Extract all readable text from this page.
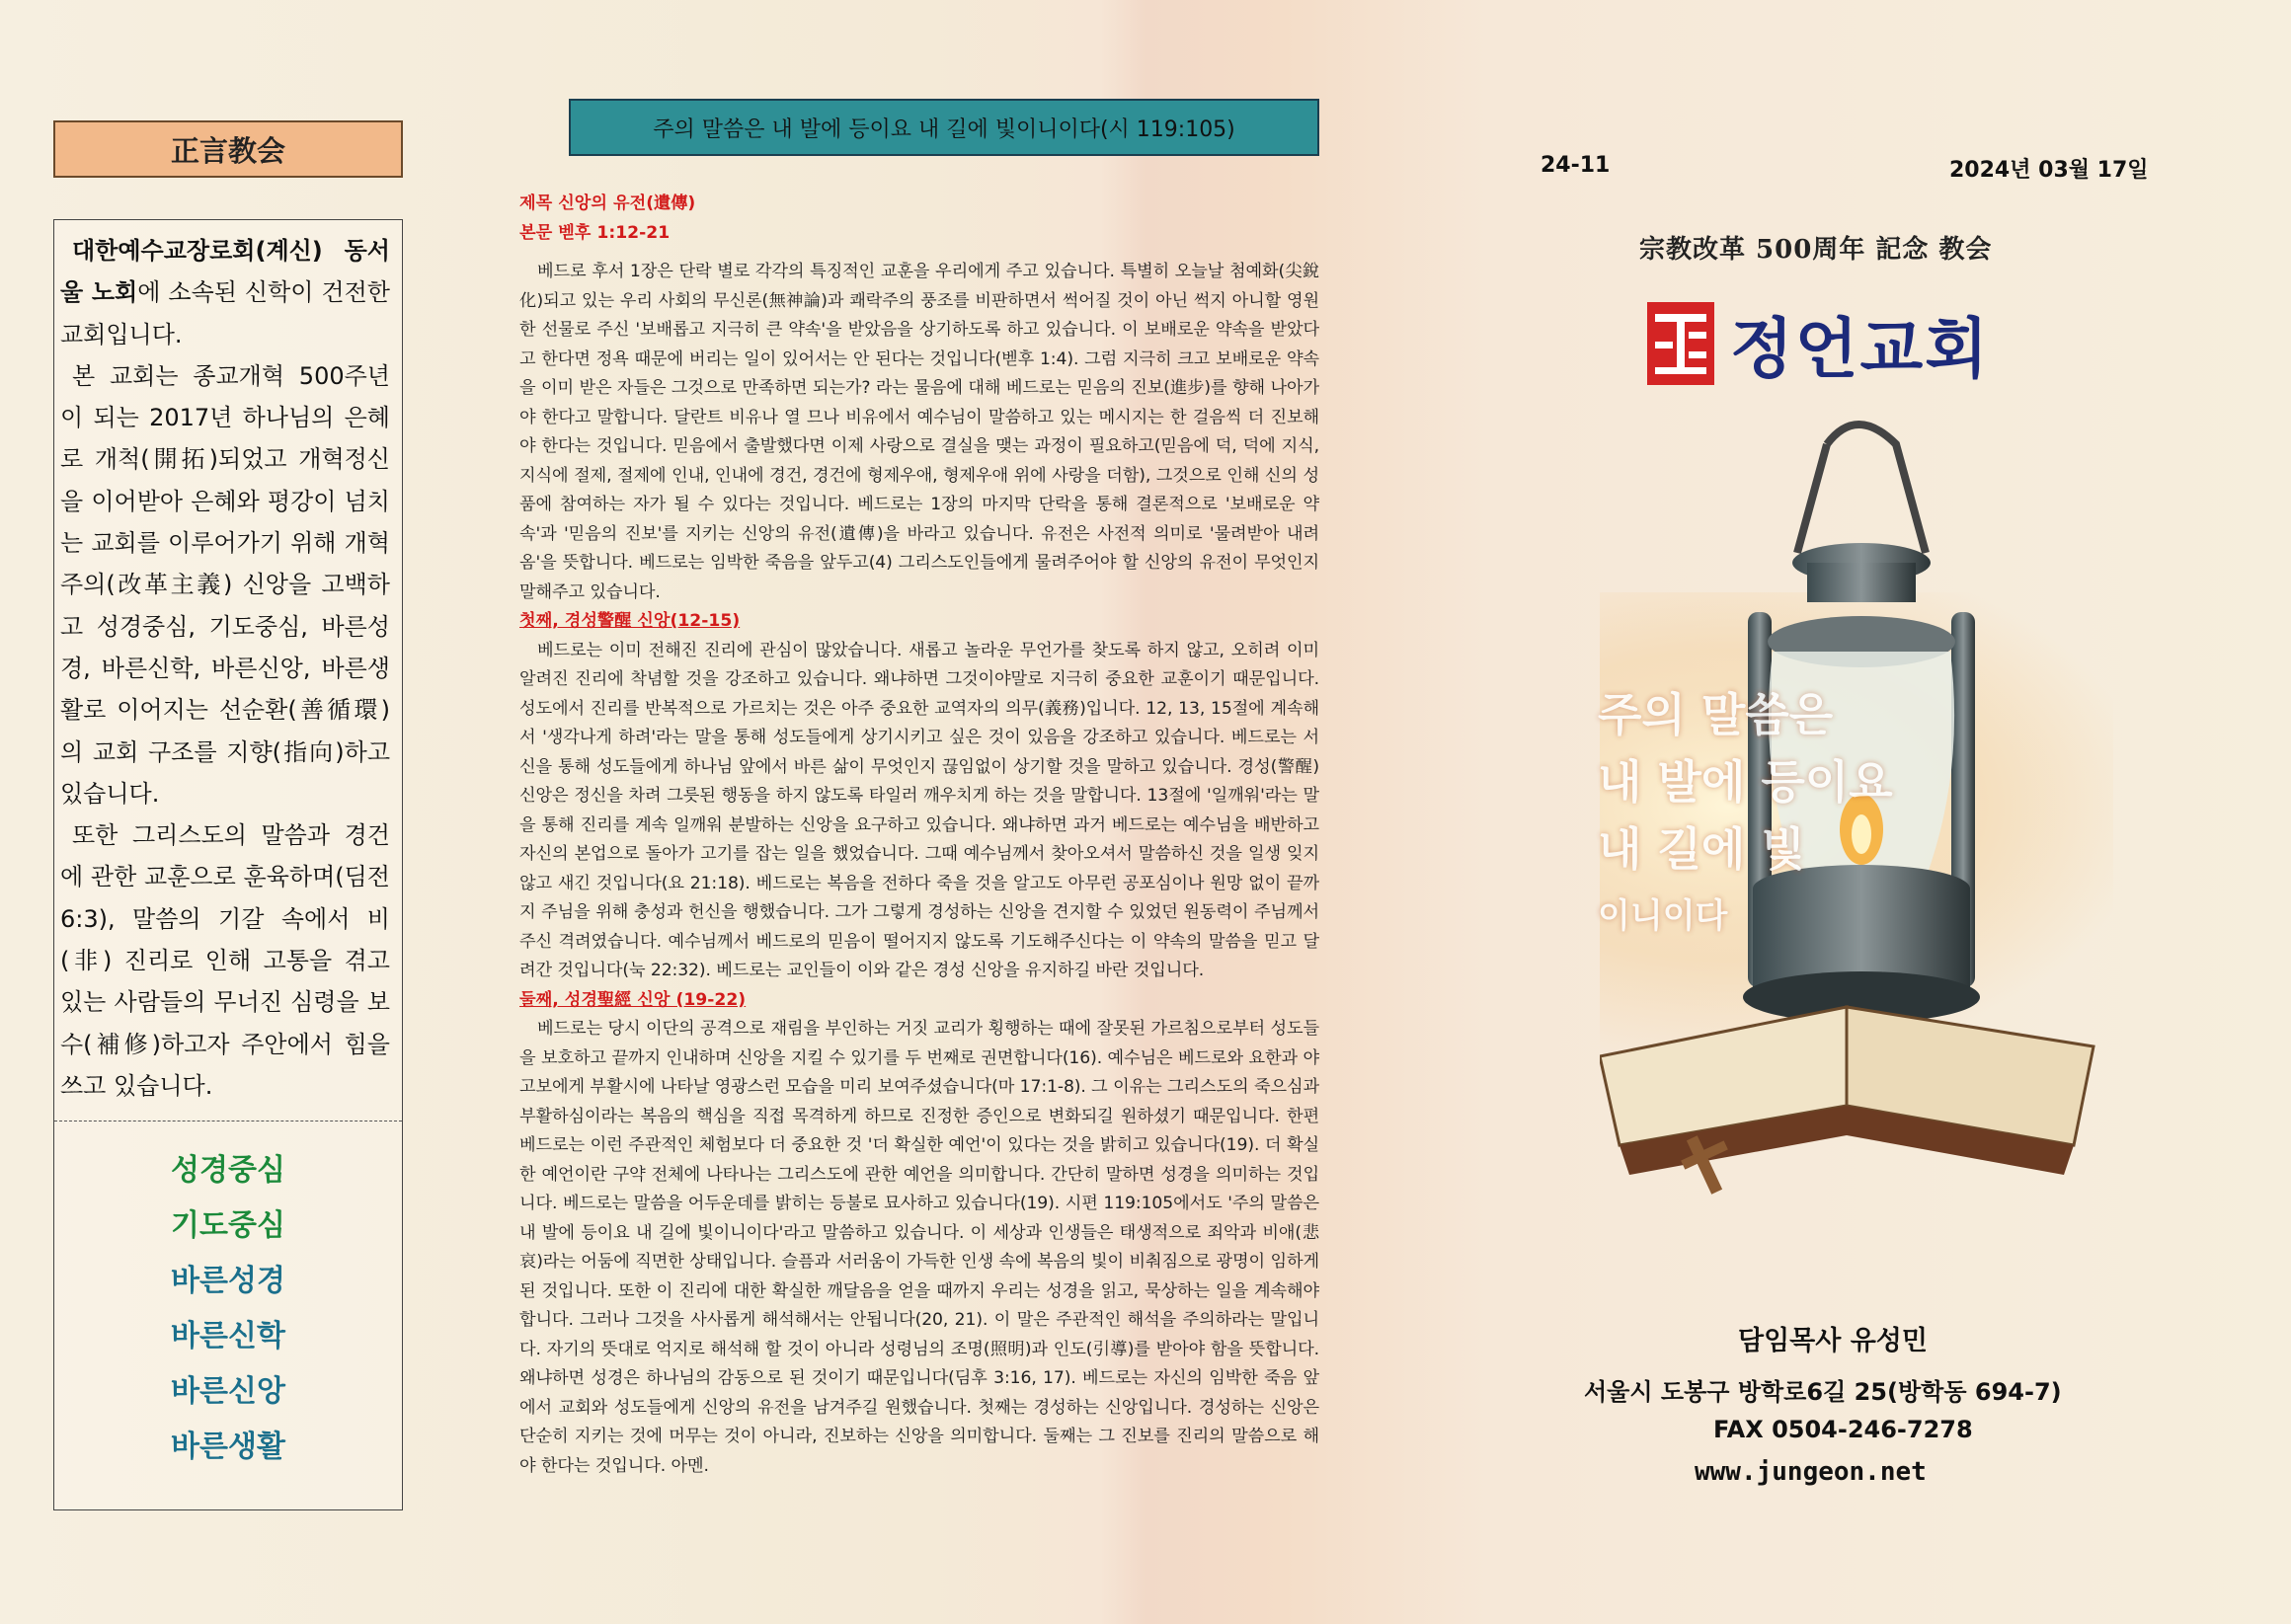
正言教会

대한예수교장로회(계신) 동서울 노회에 소속된 신학이 건전한 교회입니다.

본 교회는 종교개혁 500주년이 되는 2017년 하나님의 은혜로 개척(開拓)되었고 개혁정신을 이어받아 은혜와 평강이 넘치는 교회를 이루어가기 위해 개혁주의(改革主義) 신앙을 고백하고 성경중심, 기도중심, 바른성경, 바른신학, 바른신앙, 바른생활로 이어지는 선순환(善循環)의 교회 구조를 지향(指向)하고 있습니다.

또한 그리스도의 말씀과 경건에 관한 교훈으로 훈육하며(딤전 6:3), 말씀의 기갈 속에서 비(非) 진리로 인해 고통을 겪고 있는 사람들의 무너진 심령을 보수(補修)하고자 주안에서 힘을 쓰고 있습니다.

성경중심
기도중심
바른성경
바른신학
바른신앙
바른생활
주의 말씀은 내 발에 등이요 내 길에 빛이니이다(시 119:105)
제목 신앙의 유전(遺傳)
본문 벧후 1:12-21
베드로 후서 1장은 단락 별로 각각의 특징적인 교훈을 우리에게 주고 있습니다. 특별히 오늘날 첨예화(尖銳化)되고 있는 우리 사회의 무신론(無神論)과 쾌락주의 풍조를 비판하면서 썩어질 것이 아닌 썩지 아니할 영원한 선물로 주신 '보배롭고 지극히 큰 약속'을 받았음을 상기하도록 하고 있습니다. 이 보배로운 약속을 받았다고 한다면 정욕 때문에 버리는 일이 있어서는 안 된다는 것입니다(벧후 1:4). 그럼 지극히 크고 보배로운 약속을 이미 받은 자들은 그것으로 만족하면 되는가? 라는 물음에 대해 베드로는 믿음의 진보(進步)를 향해 나아가야 한다고 말합니다. 달란트 비유나 열 므나 비유에서 예수님이 말씀하고 있는 메시지는 한 걸음씩 더 진보해야 한다는 것입니다. 믿음에서 출발했다면 이제 사랑으로 결실을 맺는 과정이 필요하고(믿음에 덕, 덕에 지식, 지식에 절제, 절제에 인내, 인내에 경건, 경건에 형제우애, 형제우애 위에 사랑을 더함), 그것으로 인해 신의 성품에 참여하는 자가 될 수 있다는 것입니다. 베드로는 1장의 마지막 단락을 통해 결론적으로 '보배로운 약속'과 '믿음의 진보'를 지키는 신앙의 유전(遺傳)을 바라고 있습니다. 유전은 사전적 의미로 '물려받아 내려옴'을 뜻합니다. 베드로는 임박한 죽음을 앞두고(4) 그리스도인들에게 물려주어야 할 신앙의 유전이 무엇인지 말해주고 있습니다.
첫째, 경성警醒 신앙(12-15)
베드로는 이미 전해진 진리에 관심이 많았습니다. 새롭고 놀라운 무언가를 찾도록 하지 않고, 오히려 이미 알려진 진리에 착념할 것을 강조하고 있습니다. 왜냐하면 그것이야말로 지극히 중요한 교훈이기 때문입니다. 성도에서 진리를 반복적으로 가르치는 것은 아주 중요한 교역자의 의무(義務)입니다. 12, 13, 15절에 계속해서 '생각나게 하려'라는 말을 통해 성도들에게 상기시키고 싶은 것이 있음을 강조하고 있습니다. 베드로는 서신을 통해 성도들에게 하나님 앞에서 바른 삶이 무엇인지 끊임없이 상기할 것을 말하고 있습니다. 경성(警醒) 신앙은 정신을 차려 그릇된 행동을 하지 않도록 타일러 깨우치게 하는 것을 말합니다. 13절에 '일깨워'라는 말을 통해 진리를 계속 일깨워 분발하는 신앙을 요구하고 있습니다. 왜냐하면 과거 베드로는 예수님을 배반하고 자신의 본업으로 돌아가 고기를 잡는 일을 했었습니다. 그때 예수님께서 찾아오셔서 말씀하신 것을 일생 잊지 않고 새긴 것입니다(요 21:18). 베드로는 복음을 전하다 죽을 것을 알고도 아무런 공포심이나 원망 없이 끝까지 주님을 위해 충성과 헌신을 행했습니다. 그가 그렇게 경성하는 신앙을 견지할 수 있었던 원동력이 주님께서 주신 격려였습니다. 예수님께서 베드로의 믿음이 떨어지지 않도록 기도해주신다는 이 약속의 말씀을 믿고 달려간 것입니다(눅 22:32). 베드로는 교인들이 이와 같은 경성 신앙을 유지하길 바란 것입니다.
둘째, 성경聖經 신앙 (19-22)
베드로는 당시 이단의 공격으로 재림을 부인하는 거짓 교리가 횡행하는 때에 잘못된 가르침으로부터 성도들을 보호하고 끝까지 인내하며 신앙을 지킬 수 있기를 두 번째로 권면합니다(16). 예수님은 베드로와 요한과 야고보에게 부활시에 나타날 영광스런 모습을 미리 보여주셨습니다(마 17:1-8). 그 이유는 그리스도의 죽으심과 부활하심이라는 복음의 핵심을 직접 목격하게 하므로 진정한 증인으로 변화되길 원하셨기 때문입니다. 한편 베드로는 이런 주관적인 체험보다 더 중요한 것 '더 확실한 예언'이 있다는 것을 밝히고 있습니다(19). 더 확실한 예언이란 구약 전체에 나타나는 그리스도에 관한 예언을 의미합니다. 간단히 말하면 성경을 의미하는 것입니다. 베드로는 말씀을 어두운데를 밝히는 등불로 묘사하고 있습니다(19). 시편 119:105에서도 '주의 말씀은 내 발에 등이요 내 길에 빛이니이다'라고 말씀하고 있습니다. 이 세상과 인생들은 태생적으로 죄악과 비애(悲哀)라는 어둠에 직면한 상태입니다. 슬픔과 서러움이 가득한 인생 속에 복음의 빛이 비춰짐으로 광명이 임하게 된 것입니다. 또한 이 진리에 대한 확실한 깨달음을 얻을 때까지 우리는 성경을 읽고, 묵상하는 일을 계속해야 합니다. 그러나 그것을 사사롭게 해석해서는 안됩니다(20, 21). 이 말은 주관적인 해석을 주의하라는 말입니다. 자기의 뜻대로 억지로 해석해 할 것이 아니라 성령님의 조명(照明)과 인도(引導)를 받아야 함을 뜻합니다. 왜냐하면 성경은 하나님의 감동으로 된 것이기 때문입니다(딤후 3:16, 17). 베드로는 자신의 임박한 죽음 앞에서 교회와 성도들에게 신앙의 유전을 남겨주길 원했습니다. 첫째는 경성하는 신앙입니다. 경성하는 신앙은 단순히 지키는 것에 머무는 것이 아니라, 진보하는 신앙을 의미합니다. 둘째는 그 진보를 진리의 말씀으로 해야 한다는 것입니다. 아멘.
24-11	2024년 03월 17일
宗教改革 500周年 記念 教会
정언교회
주의 말씀은
내 발에 등이요
내 길에 빛
이니이다
담임목사 유성민
서울시 도봉구 방학로6길 25(방학동 694-7)
FAX 0504-246-7278
www.jungeon.net
